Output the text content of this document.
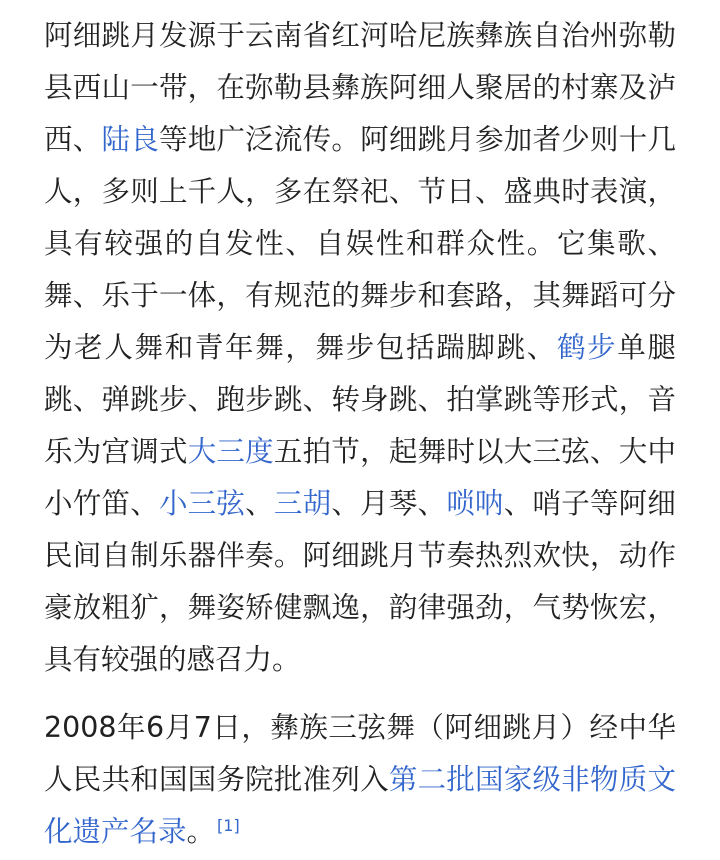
阿细跳月发源于云南省红河哈尼族彝族自治州弥勒县西山一带，在弥勒县彝族阿细人聚居的村寨及泸西、陆良等地广泛流传。阿细跳月参加者少则十几人，多则上千人，多在祭祀、节日、盛典时表演，具有较强的自发性、自娱性和群众性。它集歌、舞、乐于一体，有规范的舞步和套路，其舞蹈可分为老人舞和青年舞，舞步包括踹脚跳、鹤步单腿跳、弹跳步、跑步跳、转身跳、拍掌跳等形式，音乐为宫调式大三度五拍节，起舞时以大三弦、大中小竹笛、小三弦、三胡、月琴、唢呐、哨子等阿细民间自制乐器伴奏。阿细跳月节奏热烈欢快，动作豪放粗犷，舞姿矫健飘逸，韵律强劲，气势恢宏，具有较强的感召力。

2008年6月7日，彝族三弦舞（阿细跳月）经中华人民共和国国务院批准列入第二批国家级非物质文化遗产名录。 [1]
